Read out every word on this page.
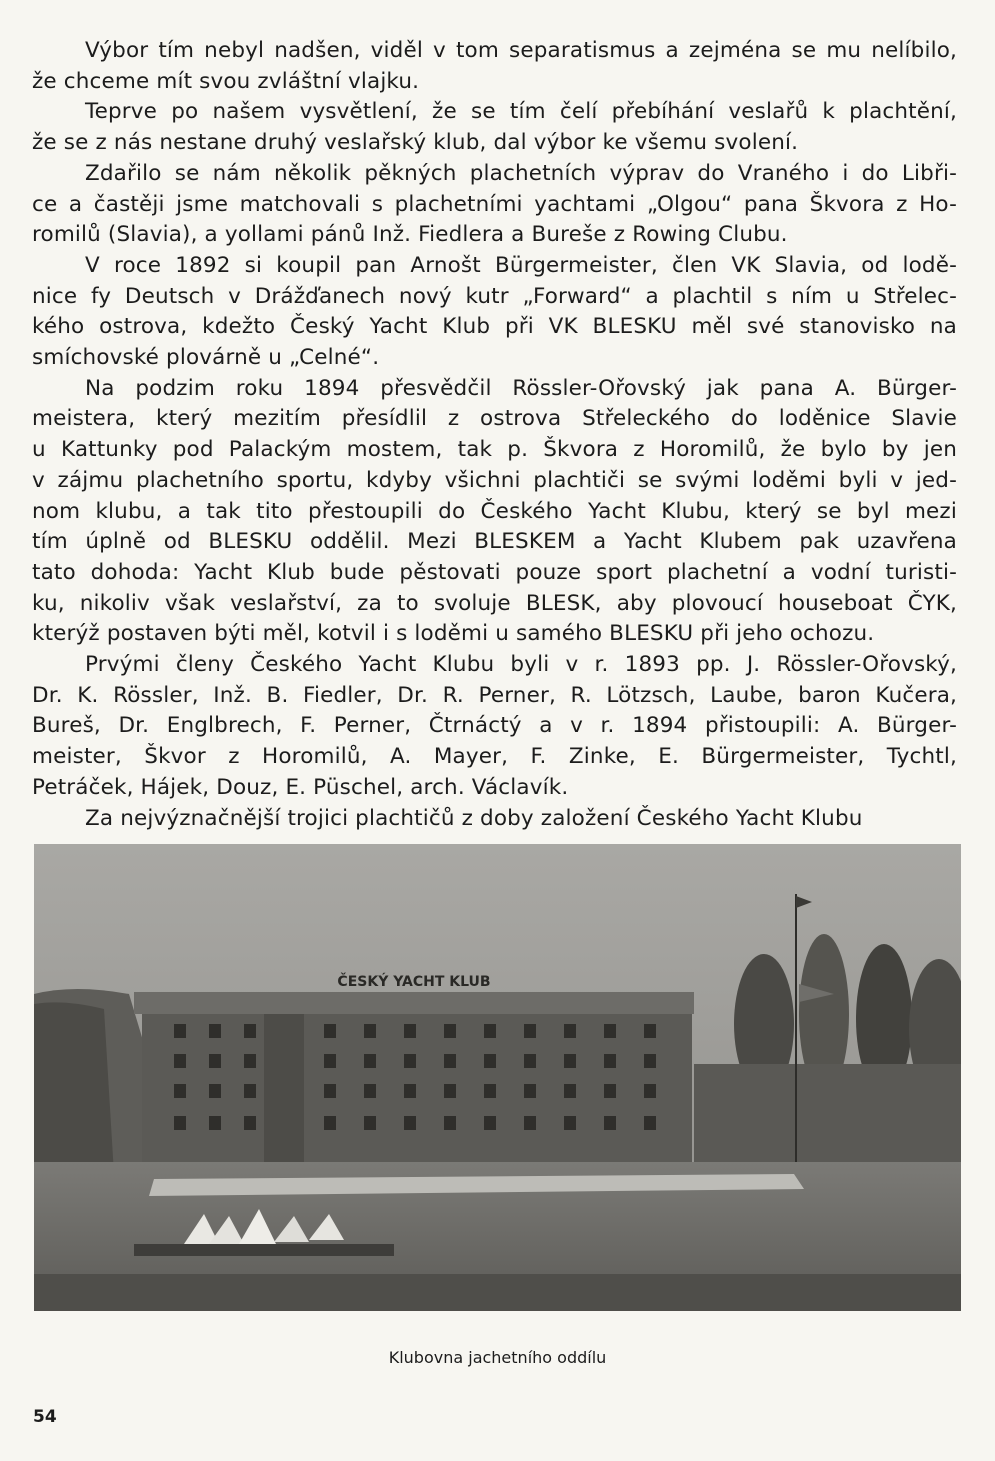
Výbor tím nebyl nadšen, viděl v tom separatismus a zejména se mu nelíbilo,
že chceme mít svou zvláštní vlajku.

Teprve po našem vysvětlení, že se tím čelí přebíhání veslařů k plachtění,
že se z nás nestane druhý veslařský klub, dal výbor ke všemu svolení.

Zdařilo se nám několik pěkných plachetních výprav do Vraného i do Libři-
ce a častěji jsme matchovali s plachetními yachtami „Olgou“ pana Škvora z Ho-
romilů (Slavia), a yollami pánů Inž. Fiedlera a Bureše z Rowing Clubu.

V roce 1892 si koupil pan Arnošt Bürgermeister, člen VK Slavia, od lodě-
nice fy Deutsch v Drážďanech nový kutr „Forward“ a plachtil s ním u Střelec-
kého ostrova, kdežto Český Yacht Klub při VK BLESKU měl své stanovisko na
smíchovské plovárně u „Celné“.

Na podzim roku 1894 přesvědčil Rössler-Ořovský jak pana A. Bürger-
meistera, který mezitím přesídlil z ostrova Střeleckého do loděnice Slavie
u Kattunky pod Palackým mostem, tak p. Škvora z Horomilů, že bylo by jen
v zájmu plachetního sportu, kdyby všichni plachtiči se svými loděmi byli v jed-
nom klubu, a tak tito přestoupili do Českého Yacht Klubu, který se byl mezi
tím úplně od BLESKU oddělil. Mezi BLESKEM a Yacht Klubem pak uzavřena
tato dohoda: Yacht Klub bude pěstovati pouze sport plachetní a vodní turisti-
ku, nikoliv však veslařství, za to svoluje BLESK, aby plovoucí houseboat ČYK,
kterýž postaven býti měl, kotvil i s loděmi u samého BLESKU při jeho ochozu.

Prvými členy Českého Yacht Klubu byli v r. 1893 pp. J. Rössler-Ořovský,
Dr. K. Rössler, Inž. B. Fiedler, Dr. R. Perner, R. Lötzsch, Laube, baron Kučera,
Bureš, Dr. Englbrech, F. Perner, Čtrnáctý a v r. 1894 přistoupili: A. Bürger-
meister, Škvor z Horomilů, A. Mayer, F. Zinke, E. Bürgermeister, Tychtl,
Petráček, Hájek, Douz, E. Püschel, arch. Václavík.

Za nejvýznačnější trojici plachtičů z doby založení Českého Yacht Klubu

ČESKÝ YACHT KLUB
Klubovna jachetního oddílu
54
